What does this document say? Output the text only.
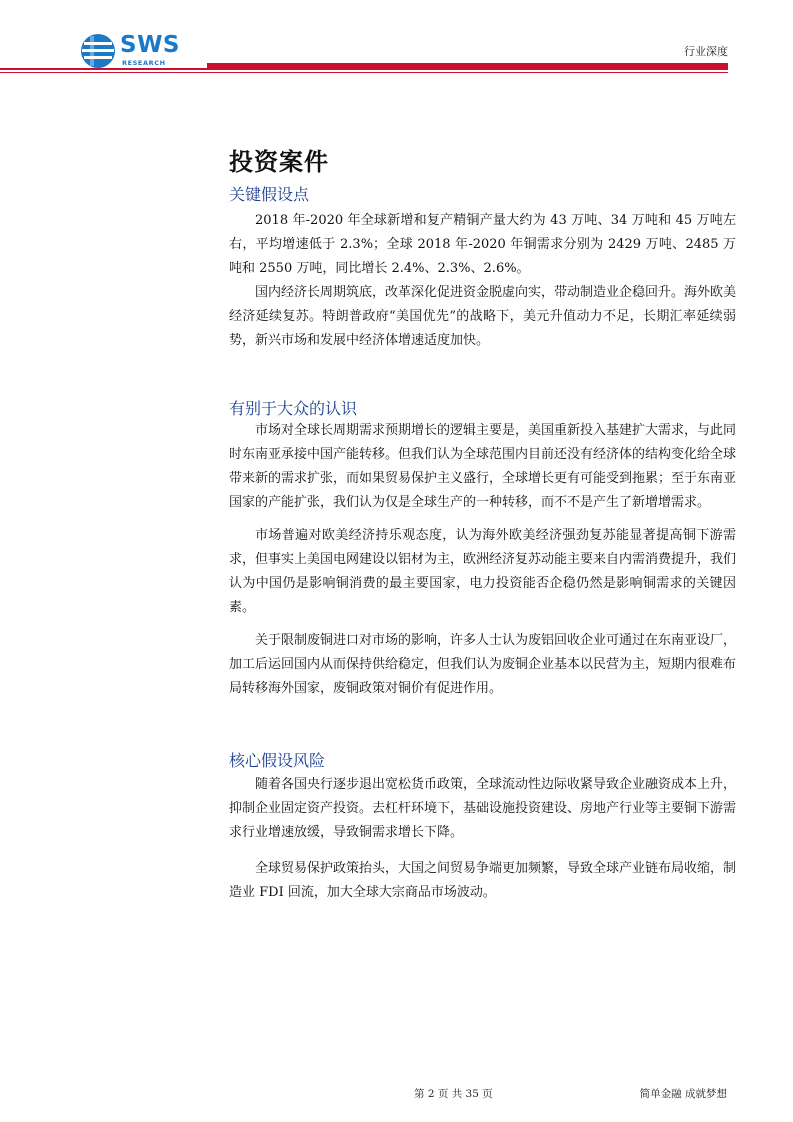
SWS
RESEARCH
行业深度
投资案件
关键假设点

2018 年-2020 年全球新增和复产精铜产量大约为 43 万吨、34 万吨和 45 万吨左右，平均增速低于 2.3%；全球 2018 年-2020 年铜需求分别为 2429 万吨、2485 万吨和 2550 万吨，同比增长 2.4%、2.3%、2.6%。

国内经济长周期筑底，改革深化促进资金脱虚向实，带动制造业企稳回升。海外欧美经济延续复苏。特朗普政府“美国优先”的战略下，美元升值动力不足，长期汇率延续弱势，新兴市场和发展中经济体增速适度加快。

有别于大众的认识

市场对全球长周期需求预期增长的逻辑主要是，美国重新投入基建扩大需求，与此同时东南亚承接中国产能转移。但我们认为全球范围内目前还没有经济体的结构变化给全球带来新的需求扩张，而如果贸易保护主义盛行，全球增长更有可能受到拖累；至于东南亚国家的产能扩张，我们认为仅是全球生产的一种转移，而不不是产生了新增增需求。

市场普遍对欧美经济持乐观态度，认为海外欧美经济强劲复苏能显著提高铜下游需求，但事实上美国电网建设以铝材为主，欧洲经济复苏动能主要来自内需消费提升，我们认为中国仍是影响铜消费的最主要国家，电力投资能否企稳仍然是影响铜需求的关键因素。

关于限制废铜进口对市场的影响，许多人士认为废铝回收企业可通过在东南亚设厂，加工后运回国内从而保持供给稳定，但我们认为废铜企业基本以民营为主，短期内很难布局转移海外国家，废铜政策对铜价有促进作用。

核心假设风险

随着各国央行逐步退出宽松货币政策，全球流动性边际收紧导致企业融资成本上升，抑制企业固定资产投资。去杠杆环境下，基础设施投资建设、房地产行业等主要铜下游需求行业增速放缓，导致铜需求增长下降。

全球贸易保护政策抬头，大国之间贸易争端更加频繁，导致全球产业链布局收缩，制造业 FDI 回流，加大全球大宗商品市场波动。

第 2 页 共 35 页	简单金融 成就梦想
